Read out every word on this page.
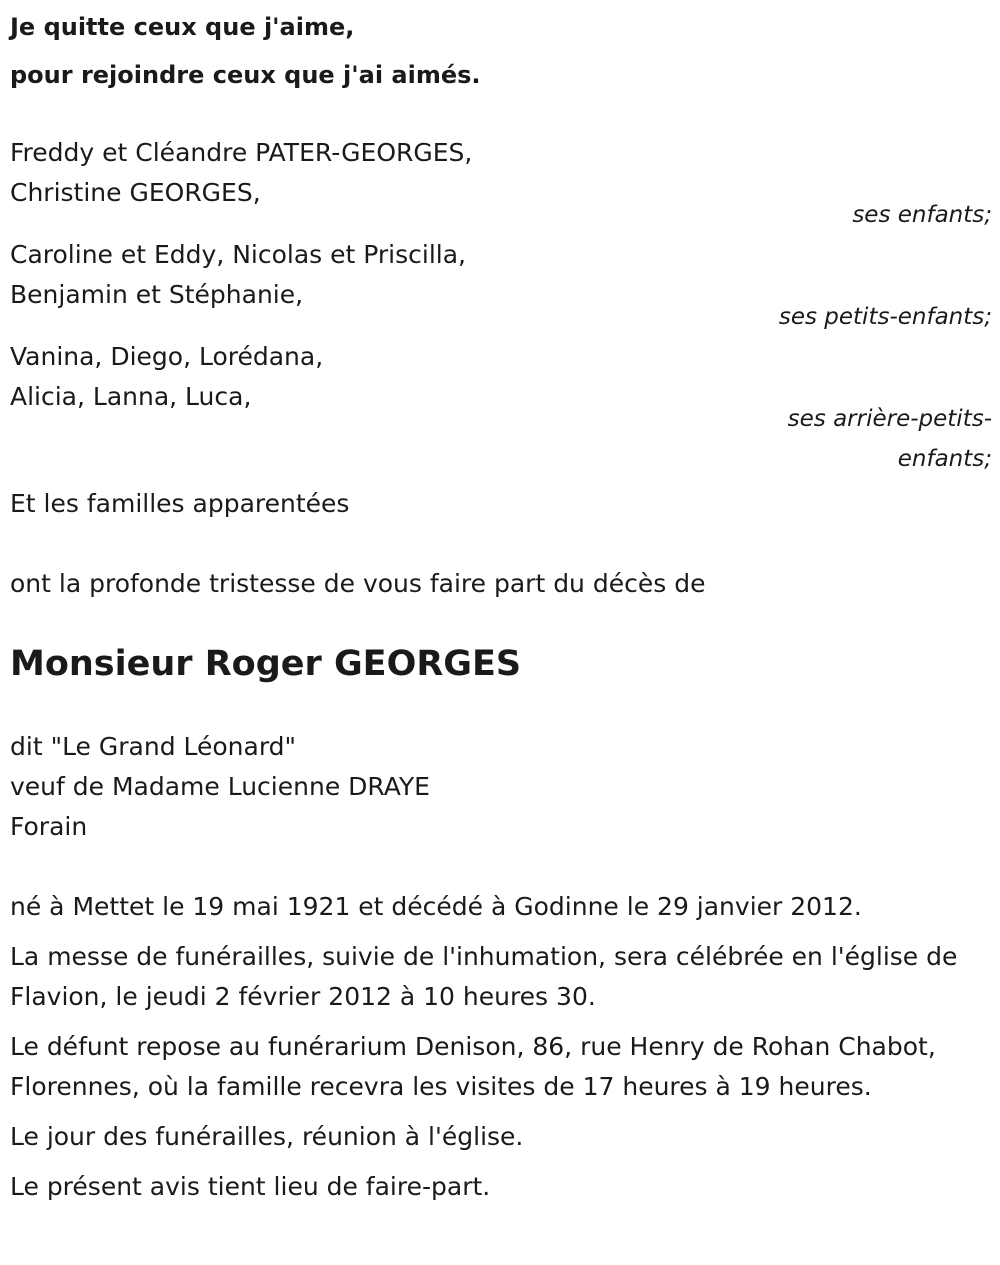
Je quitte ceux que j'aime,
pour rejoindre ceux que j'ai aimés.
Freddy et Cléandre PATER-GEORGES,
Christine GEORGES,
ses enfants;
Caroline et Eddy, Nicolas et Priscilla,
Benjamin et Stéphanie,
ses petits-enfants;
Vanina, Diego, Lorédana,
Alicia, Lanna, Luca,
ses arrière-petits-enfants;
Et les familles apparentées
ont la profonde tristesse de vous faire part du décès de
Monsieur Roger GEORGES
dit "Le Grand Léonard"
veuf de Madame Lucienne DRAYE
Forain

né à Mettet le 19 mai 1921 et décédé à Godinne le 29 janvier 2012.

La messe de funérailles, suivie de l'inhumation, sera célébrée en l'église de Flavion, le jeudi 2 février 2012 à 10 heures 30.

Le défunt repose au funérarium Denison, 86, rue Henry de Rohan Chabot, Florennes, où la famille recevra les visites de 17 heures à 19 heures.

Le jour des funérailles, réunion à l'église.

Le présent avis tient lieu de faire-part.
